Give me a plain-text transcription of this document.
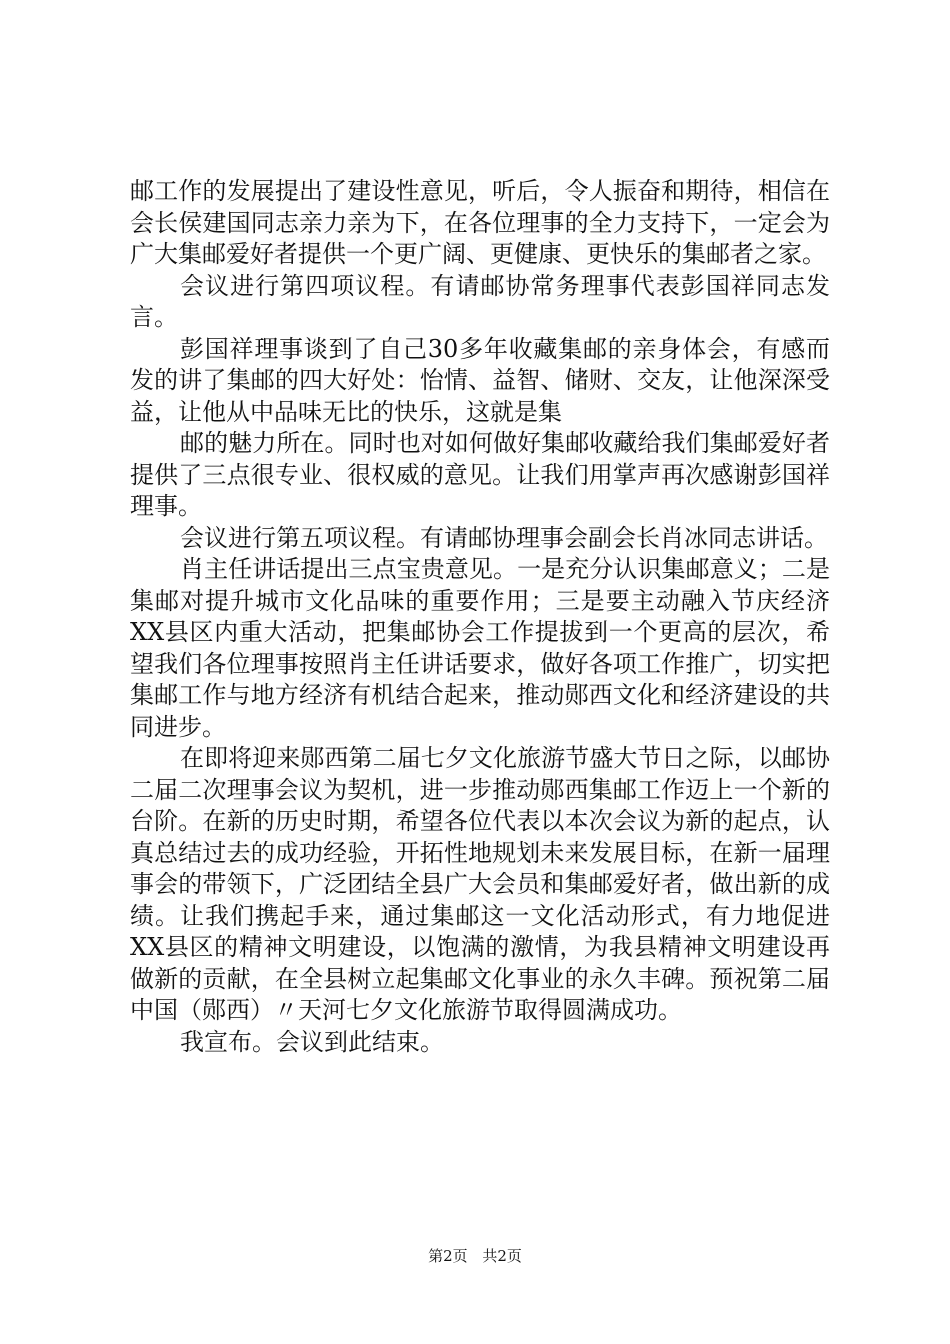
邮工作的发展提出了建设性意见，听后，令人振奋和期待，相信在会长侯建国同志亲力亲为下，在各位理事的全力支持下，一定会为广大集邮爱好者提供一个更广阔、更健康、更快乐的集邮者之家。

会议进行第四项议程。有请邮协常务理事代表彭国祥同志发言。

彭国祥理事谈到了自己30多年收藏集邮的亲身体会，有感而发的讲了集邮的四大好处：怡情、益智、储财、交友，让他深深受益，让他从中品味无比的快乐，这就是集

邮的魅力所在。同时也对如何做好集邮收藏给我们集邮爱好者提供了三点很专业、很权威的意见。让我们用掌声再次感谢彭国祥理事。

会议进行第五项议程。有请邮协理事会副会长肖冰同志讲话。

肖主任讲话提出三点宝贵意见。一是充分认识集邮意义；二是集邮对提升城市文化品味的重要作用；三是要主动融入节庆经济XX县区内重大活动，把集邮协会工作提拔到一个更高的层次，希望我们各位理事按照肖主任讲话要求，做好各项工作推广，切实把集邮工作与地方经济有机结合起来，推动郧西文化和经济建设的共同进步。

在即将迎来郧西第二届七夕文化旅游节盛大节日之际，以邮协二届二次理事会议为契机，进一步推动郧西集邮工作迈上一个新的台阶。在新的历史时期，希望各位代表以本次会议为新的起点，认真总结过去的成功经验，开拓性地规划未来发展目标，在新一届理事会的带领下，广泛团结全县广大会员和集邮爱好者，做出新的成绩。让我们携起手来，通过集邮这一文化活动形式，有力地促进XX县区的精神文明建设，以饱满的激情，为我县精神文明建设再做新的贡献，在全县树立起集邮文化事业的永久丰碑。预祝第二届中国（郧西）〃天河七夕文化旅游节取得圆满成功。

我宣布。会议到此结束。

第2页 共2页
